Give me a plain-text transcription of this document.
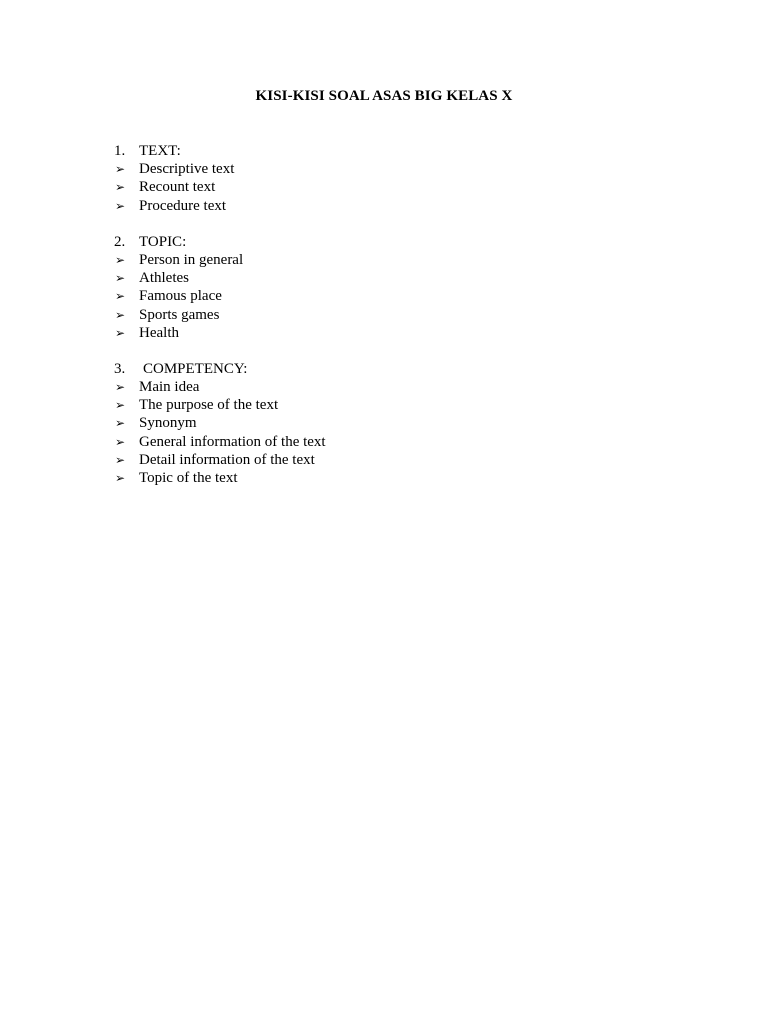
KISI-KISI SOAL ASAS BIG KELAS X
1. TEXT:
➢ Descriptive text
➢ Recount text
➢ Procedure text
2. TOPIC:
➢ Person in general
➢ Athletes
➢ Famous place
➢ Sports games
➢ Health
3. COMPETENCY:
➢ Main idea
➢ The purpose of the text
➢ Synonym
➢ General information of the text
➢ Detail information of the text
➢ Topic of the text
